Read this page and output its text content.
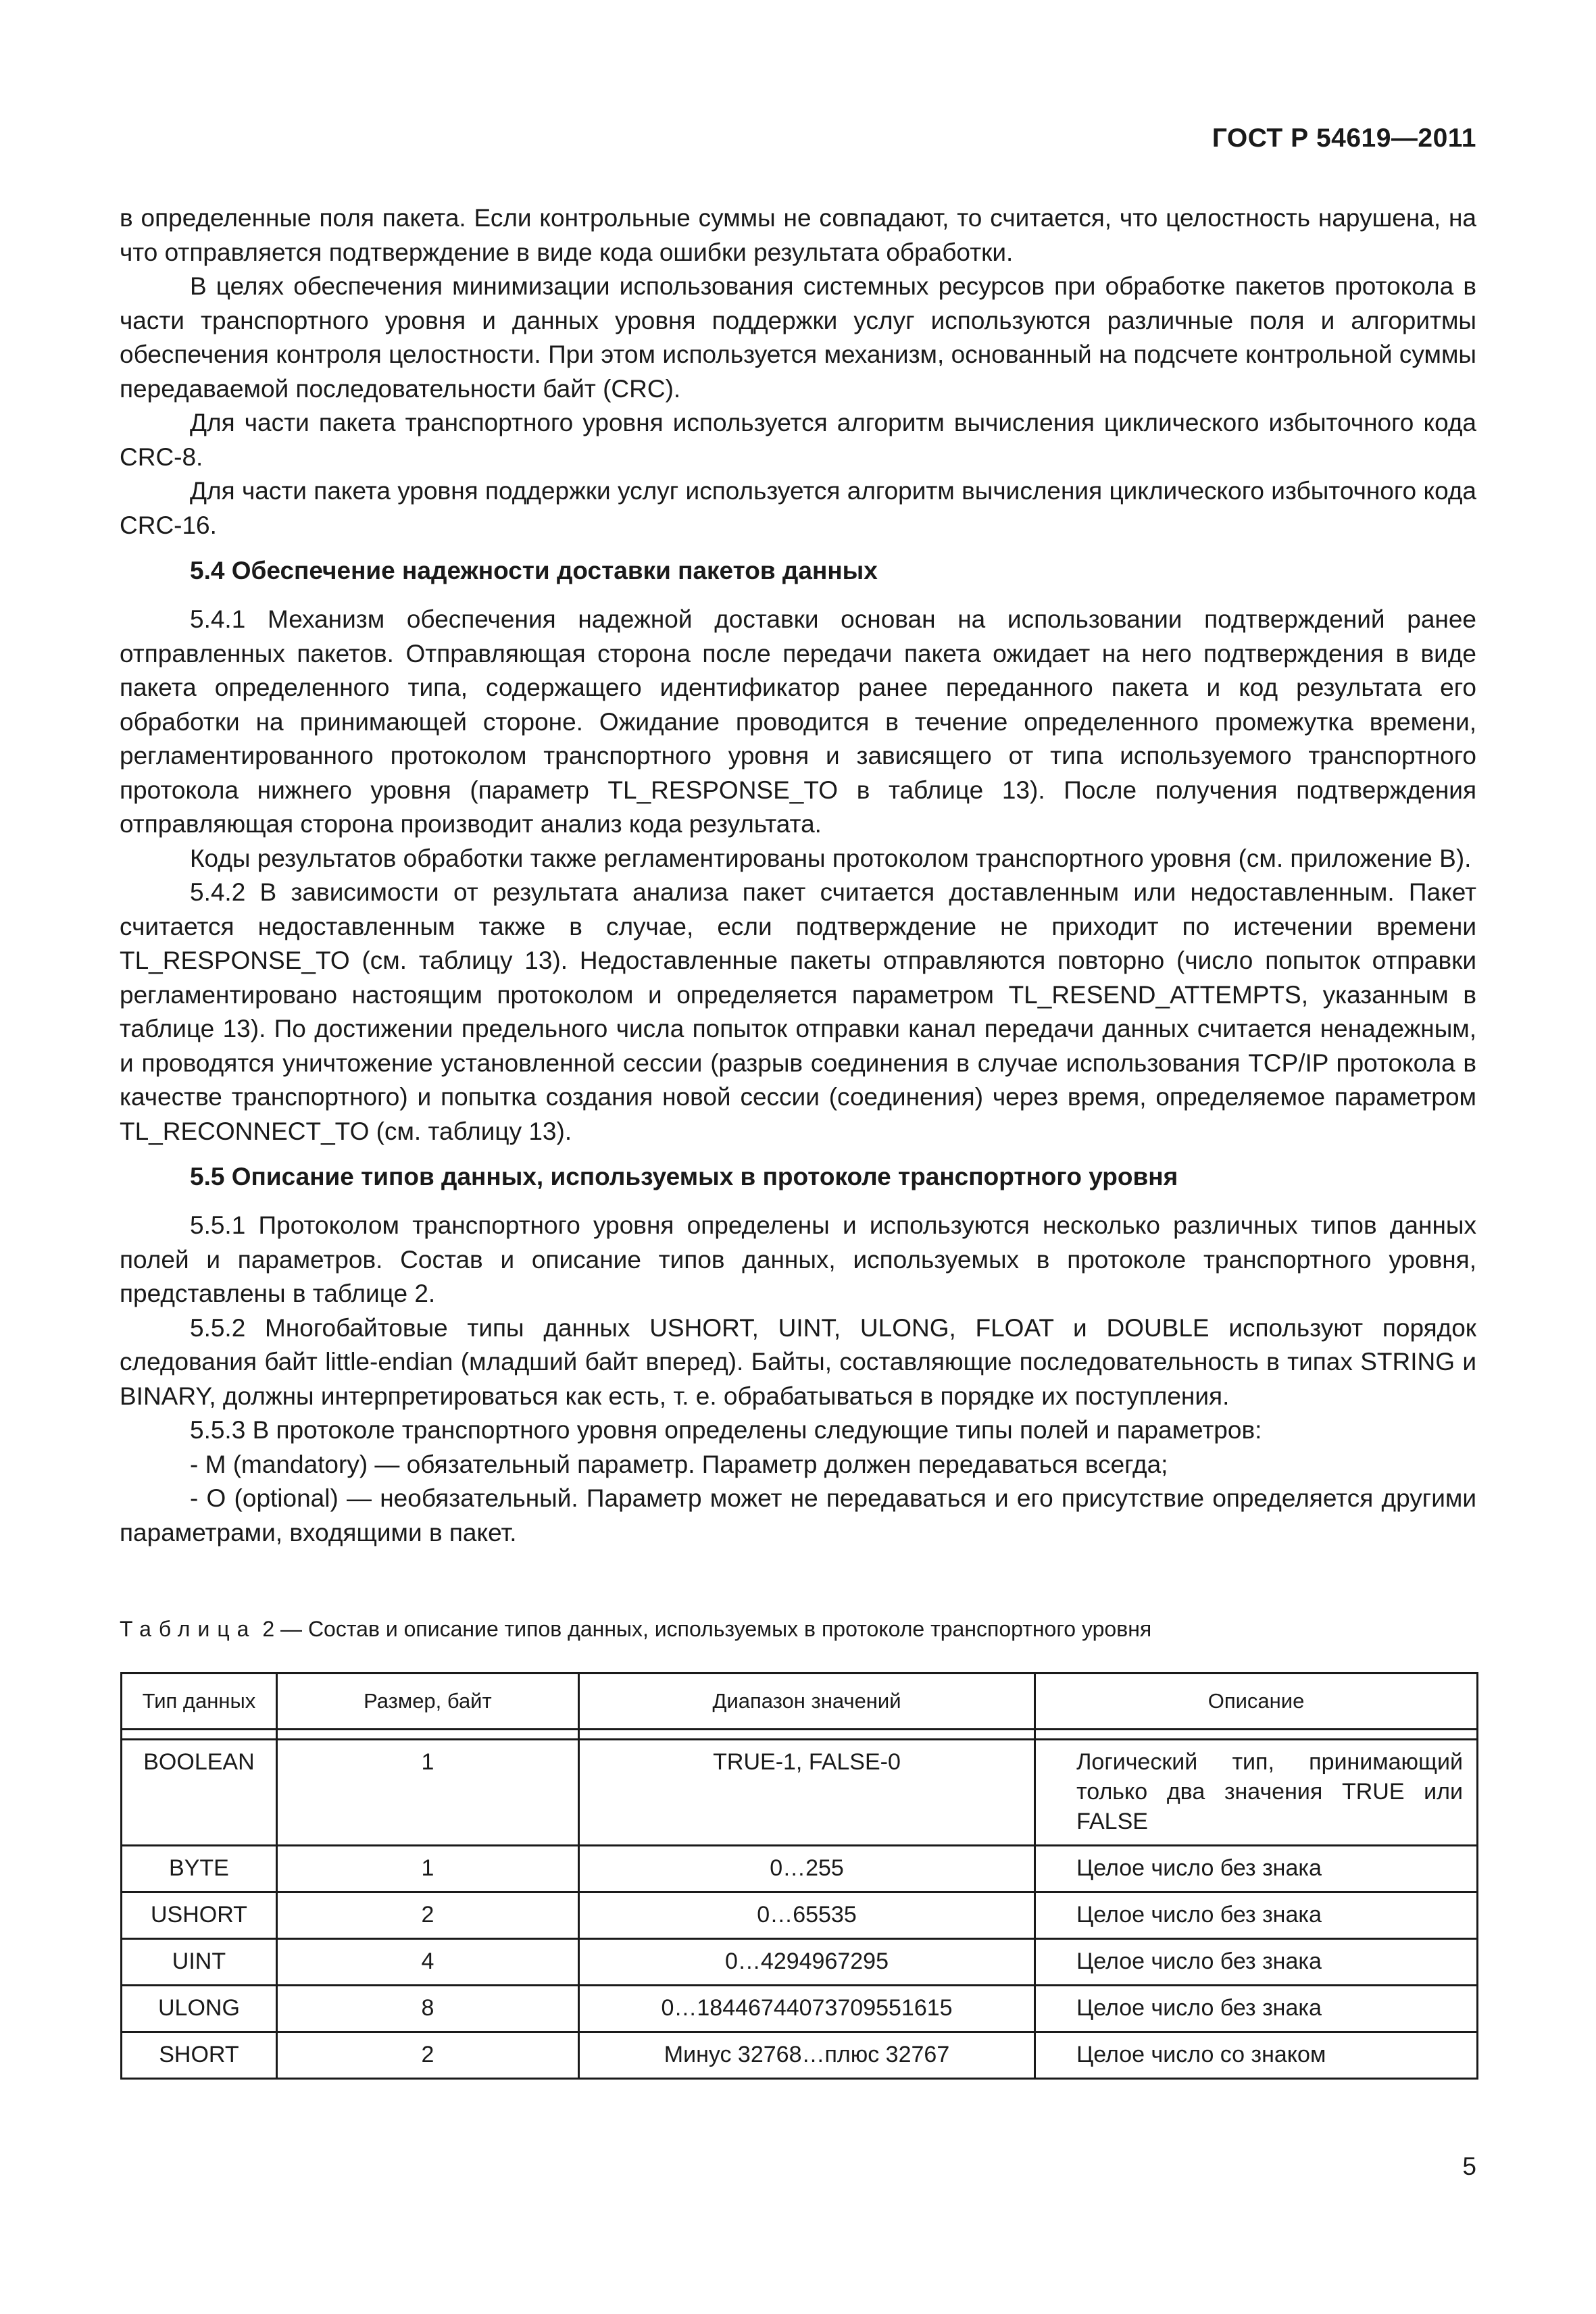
ГОСТ Р 54619—2011

в определенные поля пакета. Если контрольные суммы не совпадают, то считается, что целостность нарушена, на что отправляется подтверждение в виде кода ошибки результата обработки.

В целях обеспечения минимизации использования системных ресурсов при обработке пакетов протокола в части транспортного уровня и данных уровня поддержки услуг используются различные поля и алгоритмы обеспечения контроля целостности. При этом используется механизм, основанный на подсчете контрольной суммы передаваемой последовательности байт (CRC).

Для части пакета транспортного уровня используется алгоритм вычисления циклического избыточного кода CRC-8.

Для части пакета уровня поддержки услуг используется алгоритм вычисления циклического избыточного кода CRC-16.

5.4 Обеспечение надежности доставки пакетов данных

5.4.1 Механизм обеспечения надежной доставки основан на использовании подтверждений ранее отправленных пакетов. Отправляющая сторона после передачи пакета ожидает на него подтверждения в виде пакета определенного типа, содержащего идентификатор ранее переданного пакета и код результата его обработки на принимающей стороне. Ожидание проводится в течение определенного промежутка времени, регламентированного протоколом транспортного уровня и зависящего от типа используемого транспортного протокола нижнего уровня (параметр TL_RESPONSE_TO в таблице 13). После получения подтверждения отправляющая сторона производит анализ кода результата.

Коды результатов обработки также регламентированы протоколом транспортного уровня (см. приложение В).

5.4.2 В зависимости от результата анализа пакет считается доставленным или недоставленным. Пакет считается недоставленным также в случае, если подтверждение не приходит по истечении времени TL_RESPONSE_TO (см. таблицу 13). Недоставленные пакеты отправляются повторно (число попыток отправки регламентировано настоящим протоколом и определяется параметром TL_RESEND_ATTEMPTS, указанным в таблице 13). По достижении предельного числа попыток отправки канал передачи данных считается ненадежным, и проводятся уничтожение установленной сессии (разрыв соединения в случае использования TCP/IP протокола в качестве транспортного) и попытка создания новой сессии (соединения) через время, определяемое параметром TL_RECONNECT_TO (см. таблицу 13).

5.5 Описание типов данных, используемых в протоколе транспортного уровня

5.5.1 Протоколом транспортного уровня определены и используются несколько различных типов данных полей и параметров. Состав и описание типов данных, используемых в протоколе транспортного уровня, представлены в таблице 2.

5.5.2 Многобайтовые типы данных USHORT, UINT, ULONG, FLOAT и DOUBLE используют порядок следования байт little-endian (младший байт вперед). Байты, составляющие последовательность в типах STRING и BINARY, должны интерпретироваться как есть, т. е. обрабатываться в порядке их поступления.

5.5.3 В протоколе транспортного уровня определены следующие типы полей и параметров:

- M (mandatory) — обязательный параметр. Параметр должен передаваться всегда;

- O (optional) — необязательный. Параметр может не передаваться и его присутствие определяется другими параметрами, входящими в пакет.

Таблица 2 — Состав и описание типов данных, используемых в протоколе транспортного уровня
Тип данных	Размер, байт	Диапазон значений	Описание

BOOLEAN	1	TRUE-1, FALSE-0	Логический тип, принимающий только два значения TRUE или FALSE
BYTE	1	0…255	Целое число без знака
USHORT	2	0…65535	Целое число без знака
UINT	4	0…4294967295	Целое число без знака
ULONG	8	0…18446744073709551615	Целое число без знака
SHORT	2	Минус 32768…плюс 32767	Целое число со знаком
5
